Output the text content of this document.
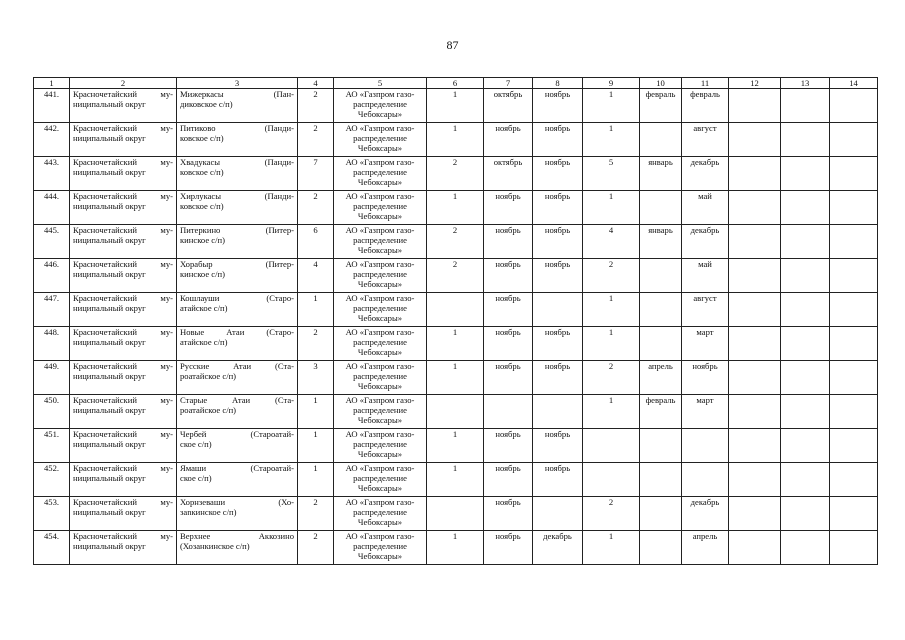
87
1	2	3	4	5	6	7	8	9	10	11	12	13	14
441.	Красночетайский му-
ниципальный округ	Мижеркасы (Пан-
диковское с/п)	2	АО «Газпром газо-
распределение
Чебоксары»	1	октябрь	ноябрь	1	февраль	февраль			
442.	Красночетайский му-
ниципальный округ	Питиково (Панди-
ковское с/п)	2	АО «Газпром газо-
распределение
Чебоксары»	1	ноябрь	ноябрь	1		август			
443.	Красночетайский му-
ниципальный округ	Хвадукасы (Панди-
ковское с/п)	7	АО «Газпром газо-
распределение
Чебоксары»	2	октябрь	ноябрь	5	январь	декабрь			
444.	Красночетайский му-
ниципальный округ	Хирлукасы (Панди-
ковское с/п)	2	АО «Газпром газо-
распределение
Чебоксары»	1	ноябрь	ноябрь	1		май			
445.	Красночетайский му-
ниципальный округ	Питеркино (Питер-
кинское с/п)	6	АО «Газпром газо-
распределение
Чебоксары»	2	ноябрь	ноябрь	4	январь	декабрь			
446.	Красночетайский му-
ниципальный округ	Хорабыр (Питер-
кинское с/п)	4	АО «Газпром газо-
распределение
Чебоксары»	2	ноябрь	ноябрь	2		май			
447.	Красночетайский му-
ниципальный округ	Кошлауши (Старо-
атайское с/п)	1	АО «Газпром газо-
распределение
Чебоксары»		ноябрь		1		август			
448.	Красночетайский му-
ниципальный округ	Новые Атаи (Старо-
атайское с/п)	2	АО «Газпром газо-
распределение
Чебоксары»	1	ноябрь	ноябрь	1		март			
449.	Красночетайский му-
ниципальный округ	Русские Атаи (Ста-
роатайское с/п)	3	АО «Газпром газо-
распределение
Чебоксары»	1	ноябрь	ноябрь	2	апрель	ноябрь			
450.	Красночетайский му-
ниципальный округ	Старые Атаи (Ста-
роатайское с/п)	1	АО «Газпром газо-
распределение
Чебоксары»				1	февраль	март			
451.	Красночетайский му-
ниципальный округ	Чербей (Староатай-
ское с/п)	1	АО «Газпром газо-
распределение
Чебоксары»	1	ноябрь	ноябрь						
452.	Красночетайский му-
ниципальный округ	Ямаши (Староатай-
ское с/п)	1	АО «Газпром газо-
распределение
Чебоксары»	1	ноябрь	ноябрь						
453.	Красночетайский му-
ниципальный округ	Хорнзеваши (Хо-
зanкинское с/п)	2	АО «Газпром газо-
распределение
Чебоксары»		ноябрь		2		декабрь			
454.	Красночетайский му-
ниципальный округ	Верхнее Аккозино
(Хозанкинское с/п)	2	АО «Газпром газо-
распределение
Чебоксары»	1	ноябрь	декабрь	1		апрель			
